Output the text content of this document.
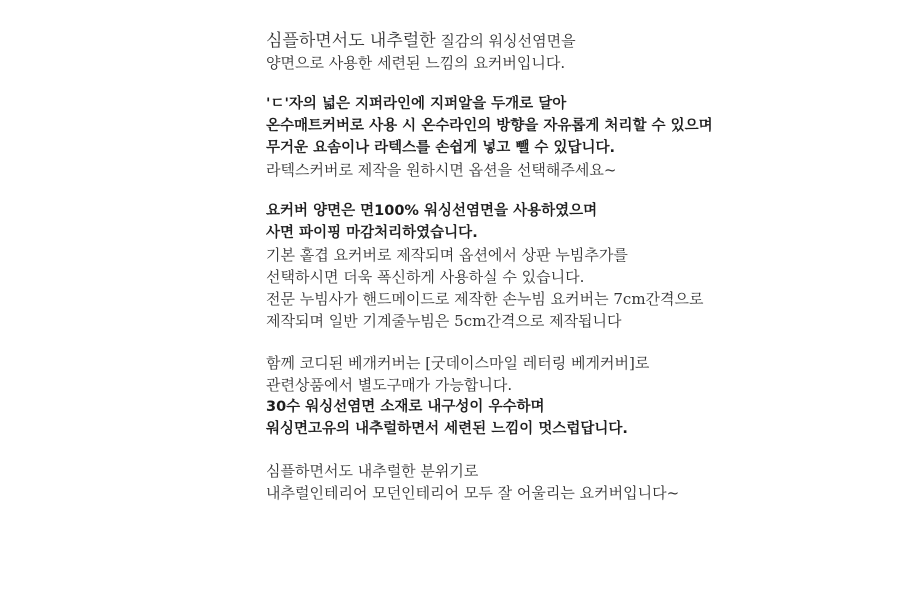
심플하면서도 내추럴한 질감의 워싱선염면을
양면으로 사용한 세련된 느낌의 요커버입니다.
'ㄷ'자의 넓은 지퍼라인에 지퍼알을 두개로 달아
온수매트커버로 사용 시 온수라인의 방향을 자유롭게 처리할 수 있으며
무거운 요솜이나 라텍스를 손쉽게 넣고 뺄 수 있답니다.
라텍스커버로 제작을 원하시면 옵션을 선택해주세요~
요커버 양면은 면100% 워싱선염면을 사용하였으며
사면 파이핑 마감처리하였습니다.
기본 홑겹 요커버로 제작되며 옵션에서 상판 누빔추가를
선택하시면 더욱 폭신하게 사용하실 수 있습니다.
전문 누빔사가 핸드메이드로 제작한 손누빔 요커버는 7cm간격으로
제작되며 일반 기계줄누빔은 5cm간격으로 제작됩니다
함께 코디된 베개커버는 [굿데이스마일 레터링 베게커버]로
관련상품에서 별도구매가 가능합니다.
30수 워싱선염면 소재로 내구성이 우수하며
워싱면고유의 내추럴하면서 세련된 느낌이 멋스럽답니다.
심플하면서도 내추럴한 분위기로
내추럴인테리어 모던인테리어 모두 잘 어울리는 요커버입니다~
